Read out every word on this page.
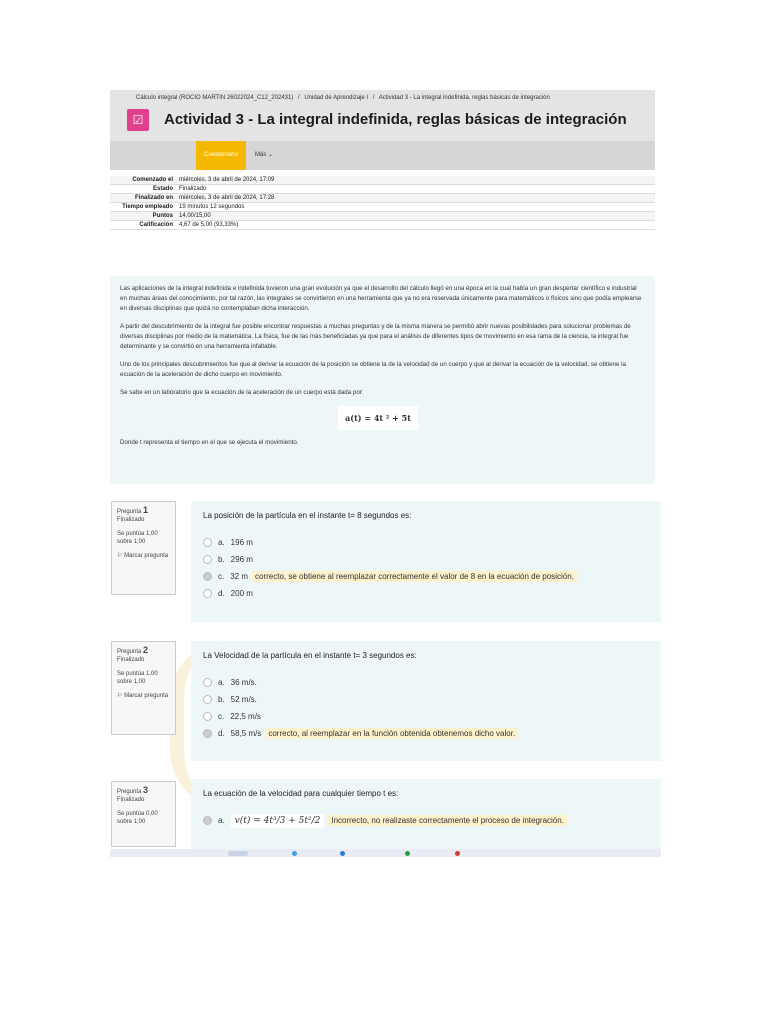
Cálculo integral (ROCIO MARTIN 26022024_C12_202431) / Unidad de Aprendizaje I / Actividad 3 - La integral indefinida, reglas básicas de integración
☑	Actividad 3 - La integral indefinida, reglas básicas de integración
Cuestionario	Más ⌄
Comenzado el	miércoles, 3 de abril de 2024, 17:09
Estado	Finalizado
Finalizado en	miércoles, 3 de abril de 2024, 17:28
Tiempo empleado	19 minutos 12 segundos
Puntos	14,00/15,00
Calificación	4,67 de 5,00 (93,33%)

Las aplicaciones de la integral indefinida e indefinida tuvieron una gran evolución ya que el desarrollo del cálculo llegó en una época en la cual había un gran despertar científico e industrial en muchas áreas del conocimiento, por tal razón, las integrales se convirtieron en una herramienta que ya no era reservada únicamente para matemáticos o físicos sino que podía emplearse en diversas disciplinas que quizá no contemplaban dicha interacción.

A partir del descubrimiento de la integral fue posible encontrar respuestas a muchas preguntas y de la misma manera se permitió abrir nuevas posibilidades para solucionar problemas de diversas disciplinas por medio de la matemática. La física, fue de las más beneficiadas ya que para el análisis de diferentes tipos de movimiento en esa rama de la ciencia, la integral fue determinante y se convirtió en una herramienta infaltable.

Uno de los principales descubrimientos fue que al derivar la ecuación de la posición se obtiene la de la velocidad de un cuerpo y que al derivar la ecuación de la velocidad, se obtiene la ecuación de la aceleración de dicho cuerpo en movimiento.

Se sabe en un laboratorio que la ecuación de la aceleración de un cuerpo está dada por:

a(t) = 4t ² + 5t

Donde t representa el tiempo en el que se ejecuta el movimiento.

Pregunta 1
Finalizado
Se puntúa 1,00 sobre 1,00
⚐ Marcar pregunta
La posición de la partícula en el instante t= 8 segundos es:
a. 196 m
b. 296 m
c. 32 m correcto, se obtiene al reemplazar correctamente el valor de 8 en la ecuación de posición.
d. 200 m
Pregunta 2
Finalizado
Se puntúa 1,00 sobre 1,00
⚐ Marcar pregunta
La Velocidad de la partícula en el instante t= 3 segundos es:
a. 36 m/s.
b. 52 m/s.
c. 22,5 m/s
d. 58,5 m/s correcto, al reemplazar en la función obtenida obtenemos dicho valor.
Pregunta 3
Finalizado
Se puntúa 0,00 sobre 1,00
La ecuación de la velocidad para cualquier tiempo t es:
a. v(t) = 4t³/3 + 5t²/2 Incorrecto, no realizaste correctamente el proceso de integración.
